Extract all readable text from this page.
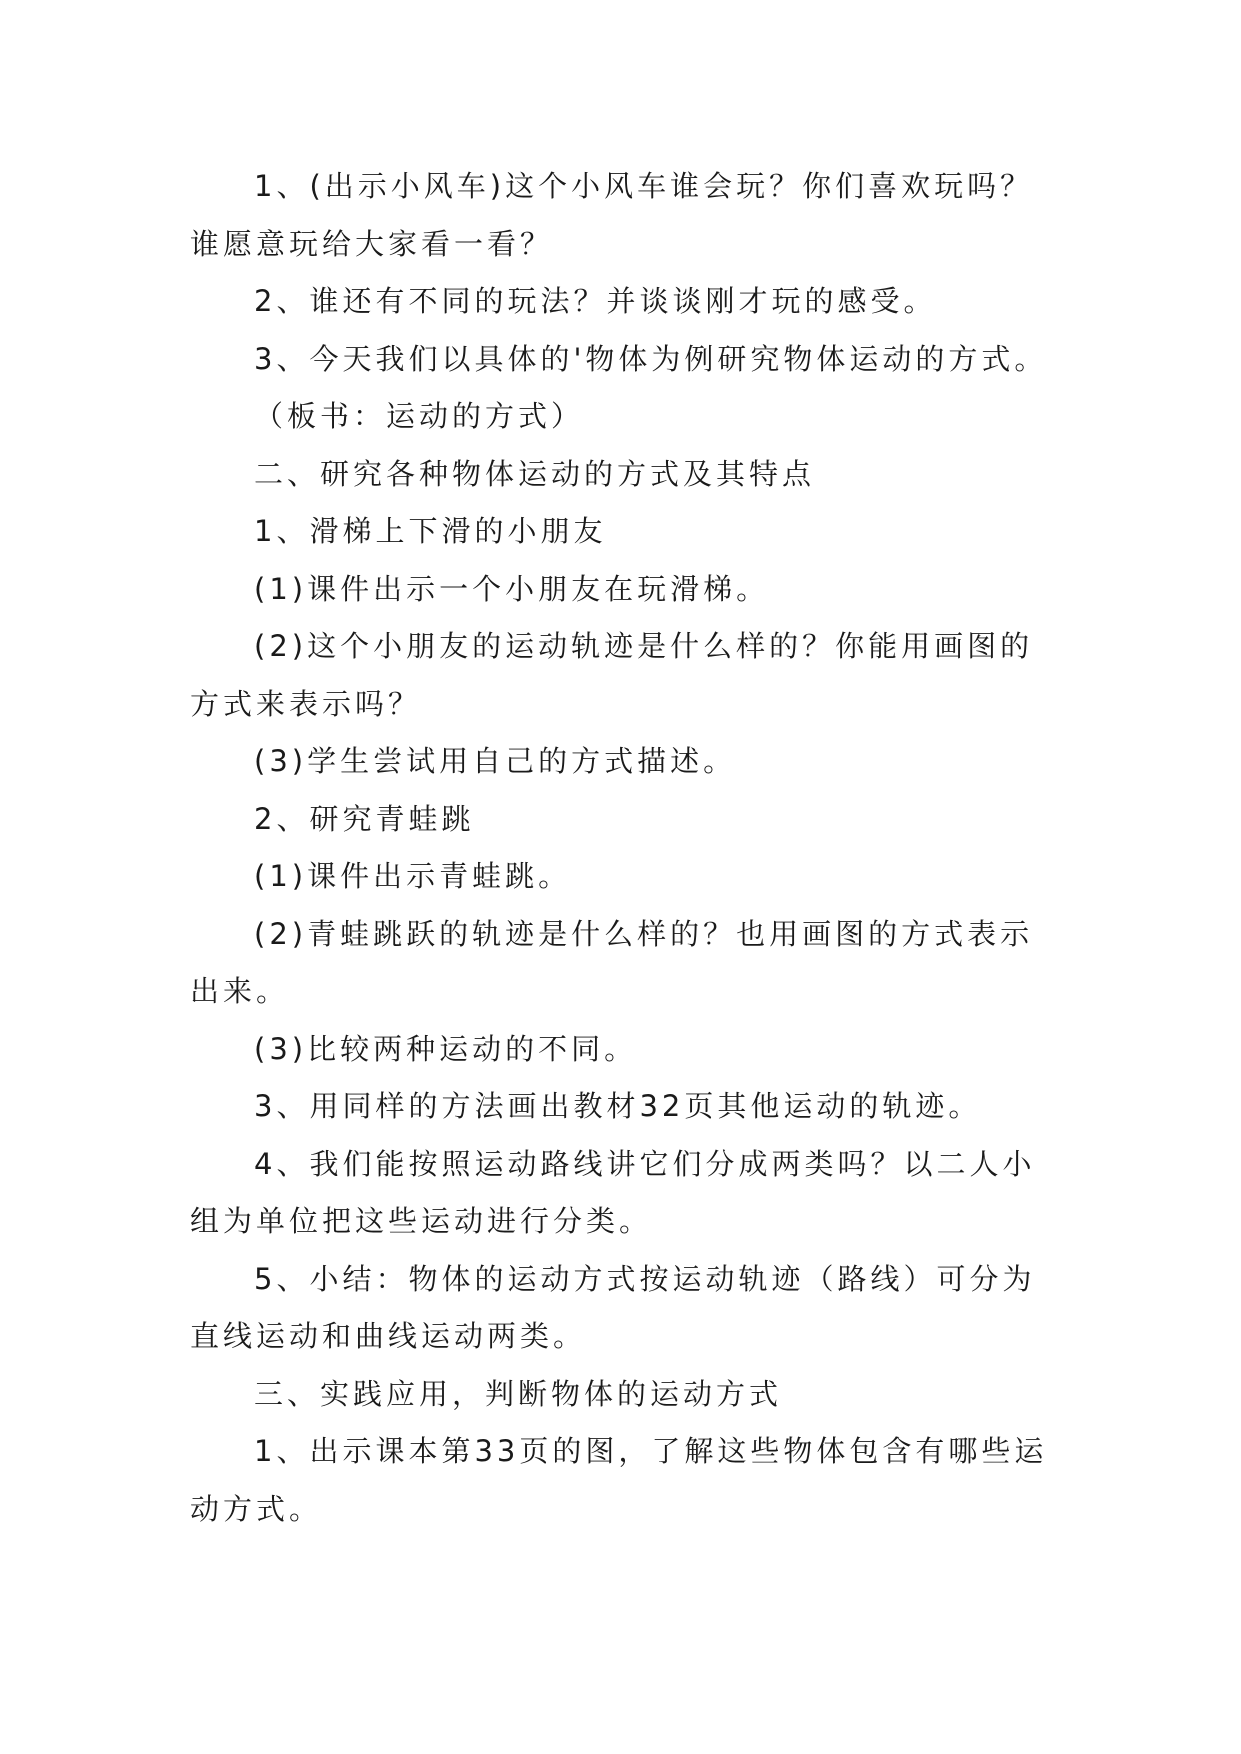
1、(出示小风车)这个小风车谁会玩？你们喜欢玩吗？谁愿意玩给大家看一看？

2、谁还有不同的玩法？并谈谈刚才玩的感受。

3、今天我们以具体的'物体为例研究物体运动的方式。

（板书：运动的方式）

二、研究各种物体运动的方式及其特点

1、滑梯上下滑的小朋友

(1)课件出示一个小朋友在玩滑梯。

(2)这个小朋友的运动轨迹是什么样的？你能用画图的方式来表示吗？

(3)学生尝试用自己的方式描述。

2、研究青蛙跳

(1)课件出示青蛙跳。

(2)青蛙跳跃的轨迹是什么样的？也用画图的方式表示出来。

(3)比较两种运动的不同。

3、用同样的方法画出教材32页其他运动的轨迹。

4、我们能按照运动路线讲它们分成两类吗？以二人小组为单位把这些运动进行分类。

5、小结：物体的运动方式按运动轨迹（路线）可分为直线运动和曲线运动两类。

三、实践应用，判断物体的运动方式

1、出示课本第33页的图，了解这些物体包含有哪些运动方式。
